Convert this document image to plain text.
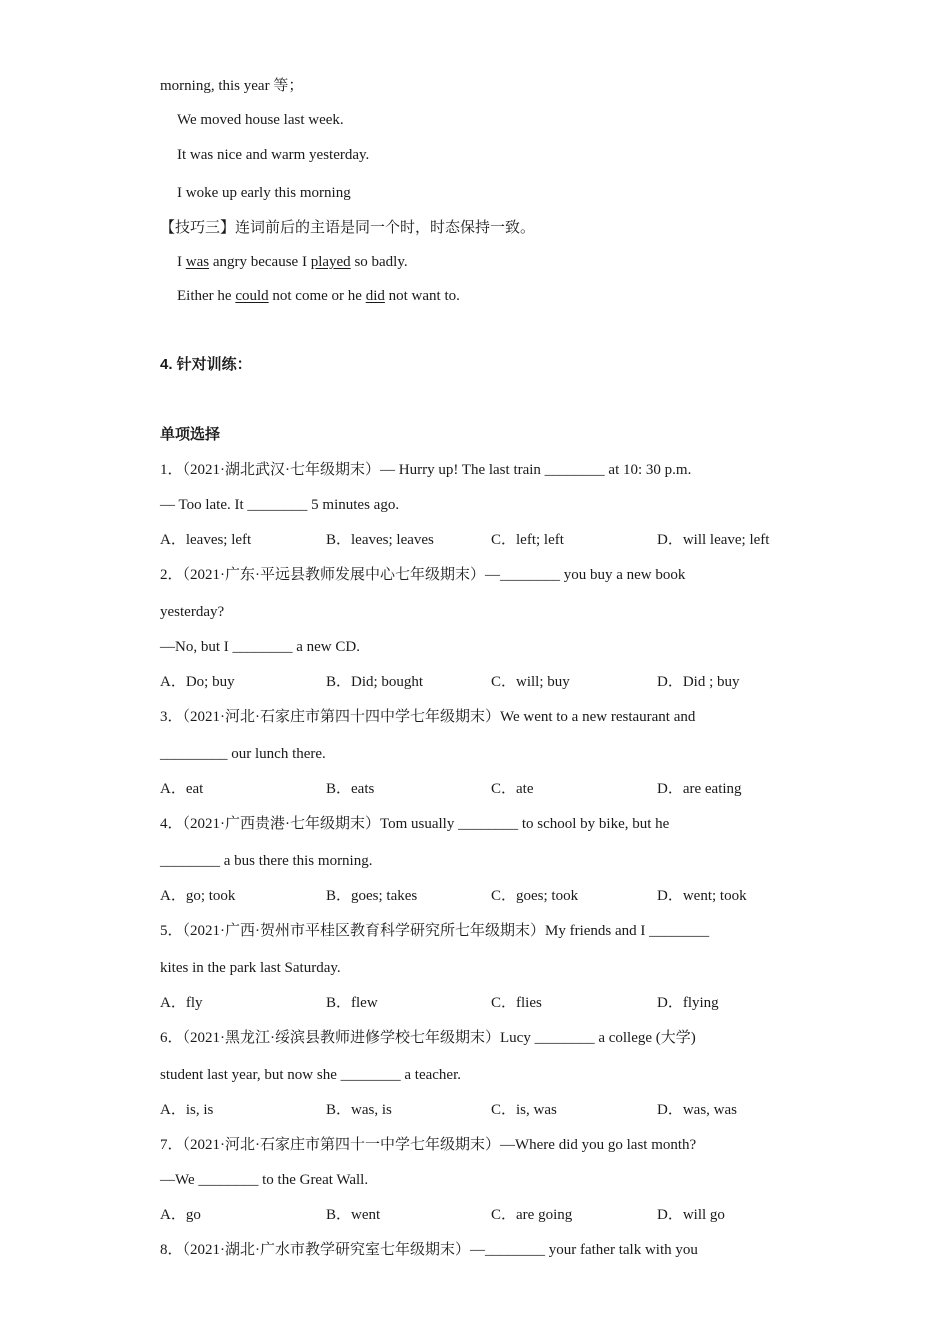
morning, this year 等；
We moved house last week.
It was nice and warm yesterday.
I woke up early this morning
【技巧三】连词前后的主语是同一个时，时态保持一致。
I was angry because I played so badly.
Either he could not come or he did not want to.
4. 针对训练：
单项选择
1．（2021·湖北武汉·七年级期末）— Hurry up! The last train ________ at 10: 30 p.m.
— Too late. It ________ 5 minutes ago.
A．leaves; left	B．leaves; leaves	C．left; left	D．will leave; left
2．（2021·广东·平远县教师发展中心七年级期末）—________ you buy a new book
yesterday?
—No, but I ________ a new CD.
A．Do; buy	B．Did; bought	C．will; buy	D．Did ; buy
3．（2021·河北·石家庄市第四十四中学七年级期末）We went to a new restaurant and
_________ our lunch there.
A．eat	B．eats	C．ate	D．are eating
4．（2021·广西贵港·七年级期末）Tom usually ________ to school by bike, but he
________ a bus there this morning.
A．go; took	B．goes; takes	C．goes; took	D．went; took
5．（2021·广西·贺州市平桂区教育科学研究所七年级期末）My friends and I ________
kites in the park last Saturday.
A．fly	B．flew	C．flies	D．flying
6．（2021·黑龙江·绥滨县教师进修学校七年级期末）Lucy ________ a college (大学)
student last year, but now she ________ a teacher.
A．is, is	B．was, is	C．is, was	D．was, was
7．（2021·河北·石家庄市第四十一中学七年级期末）—Where did you go last month?
—We ________ to the Great Wall.
A．go	B．went	C．are going	D．will go
8．（2021·湖北·广水市教学研究室七年级期末）—________ your father talk with you
